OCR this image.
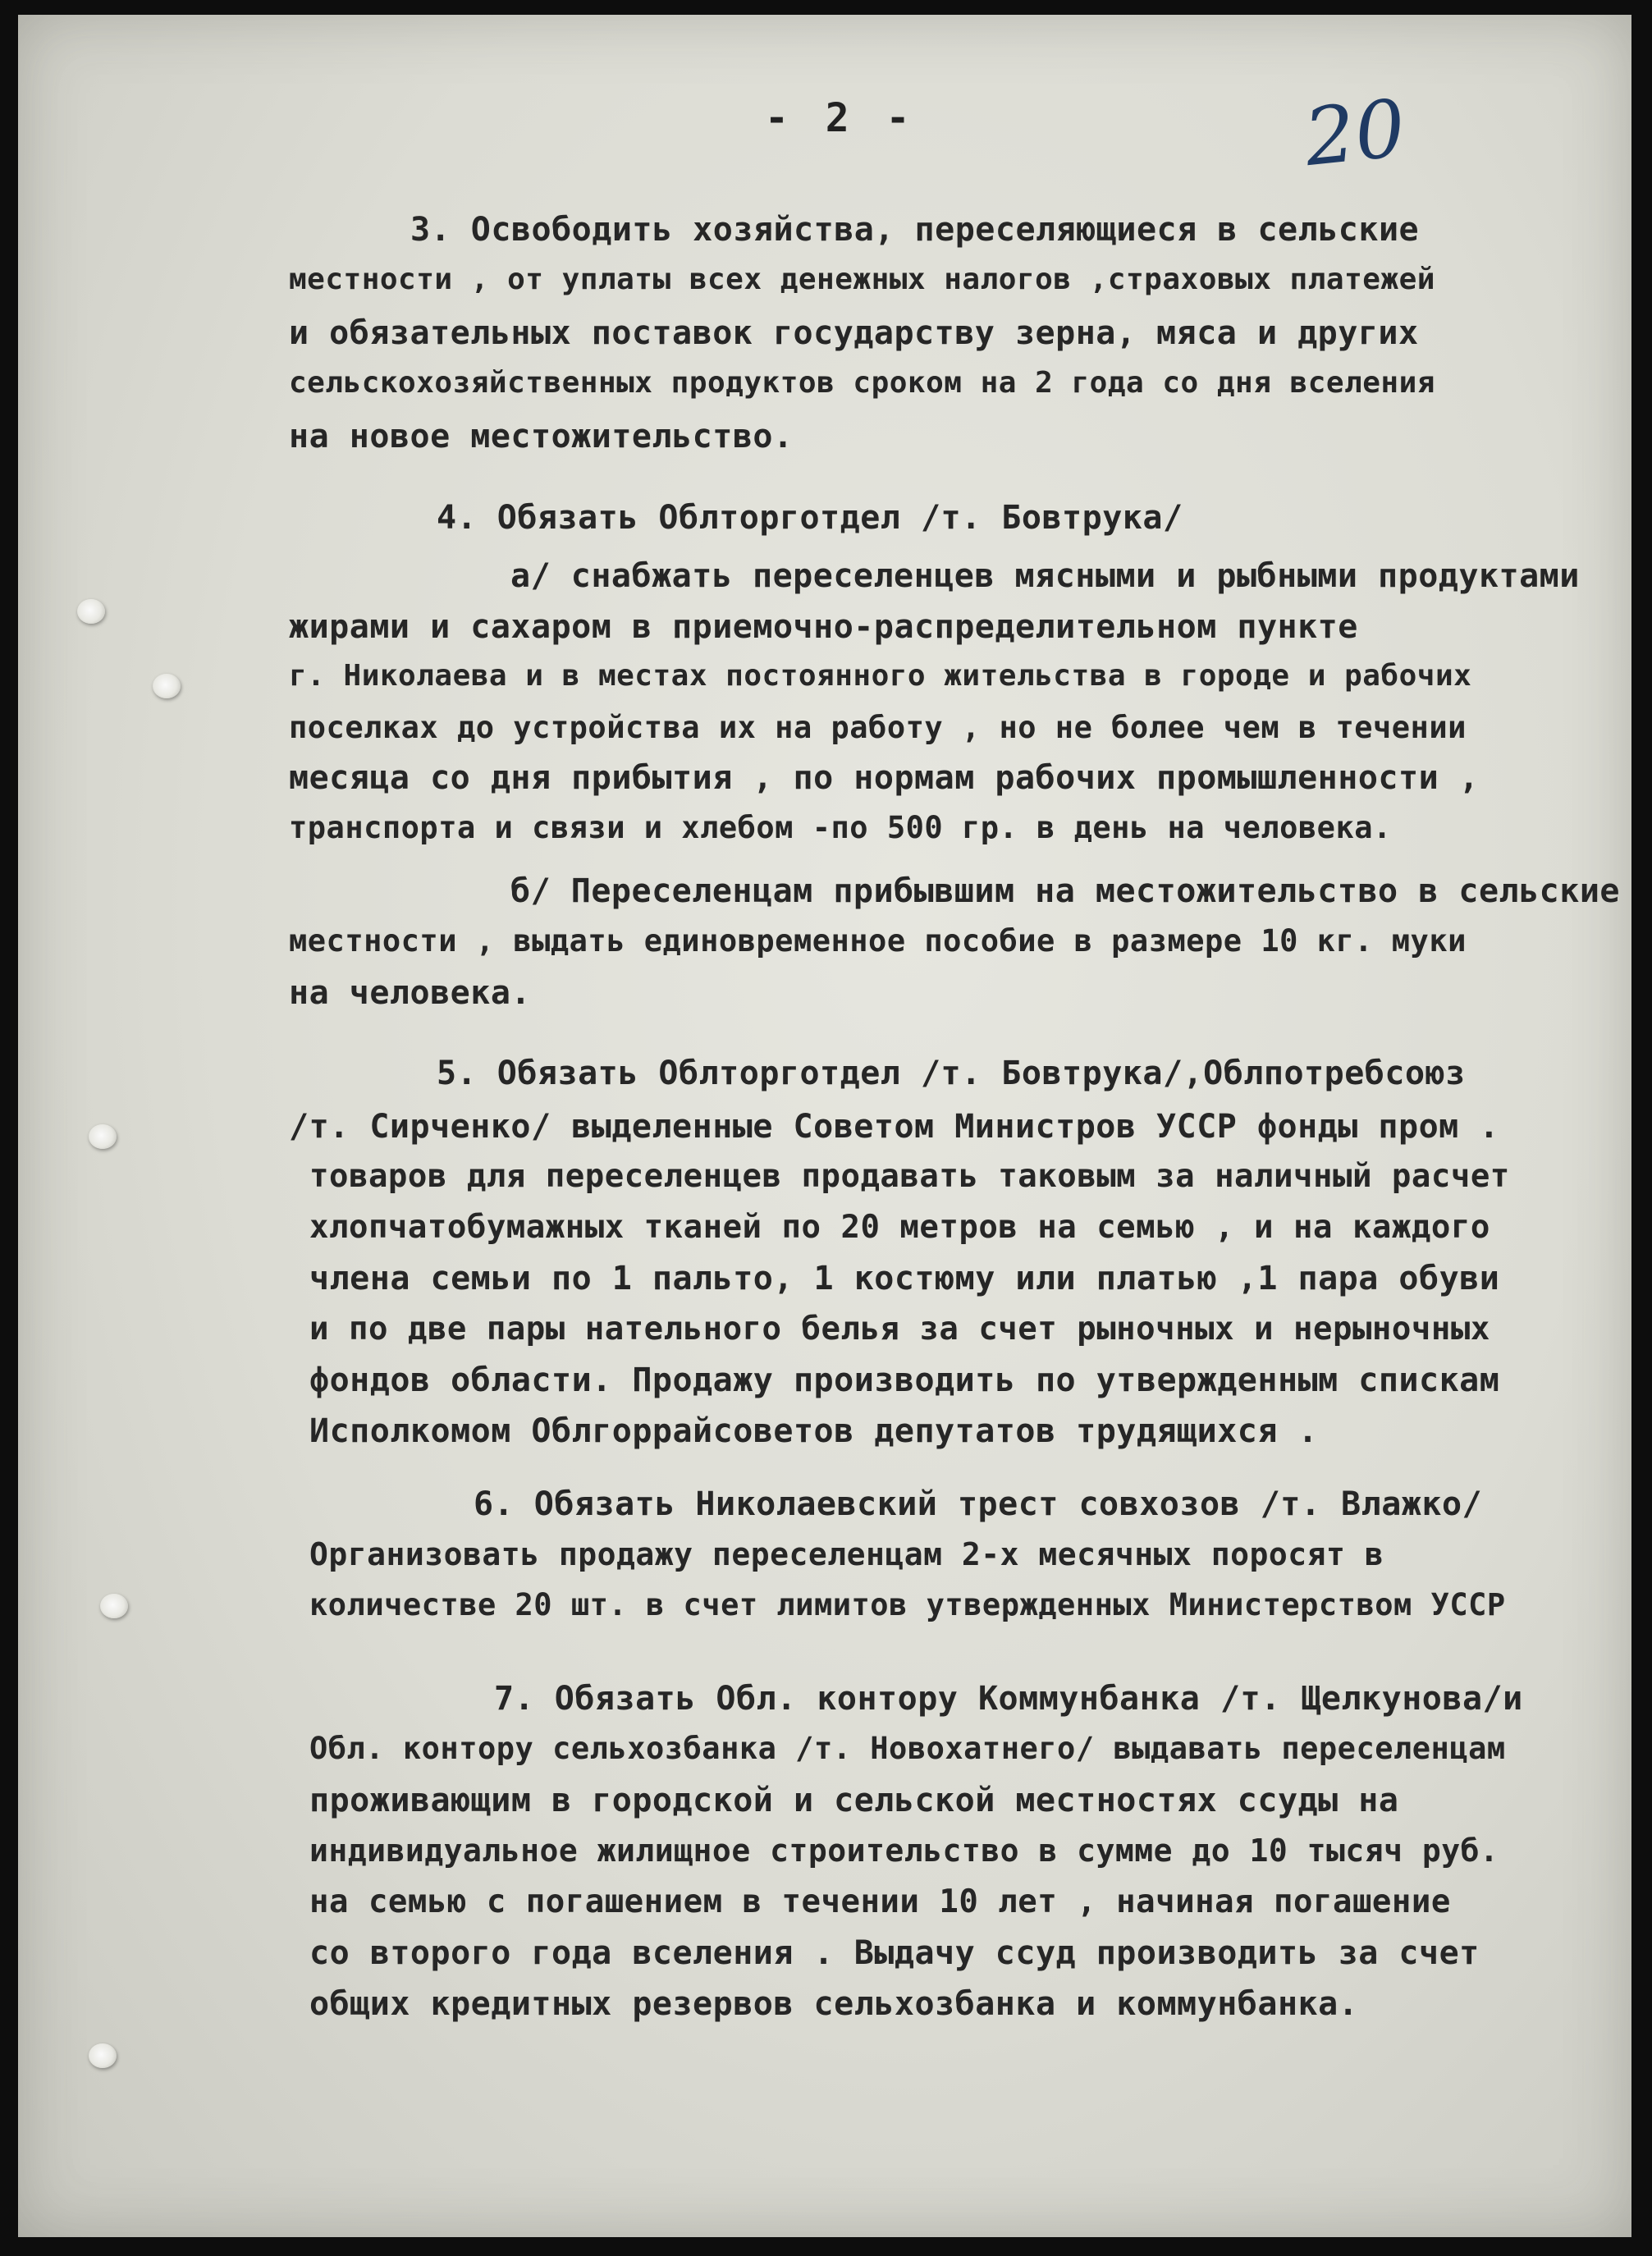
- 2 -	20

3. Освободить хозяйства, переселяющиеся в сельские

местности , от уплаты всех денежных налогов ,страховых платежей

и обязательных поставок государству зерна, мяса и других

сельскохозяйственных продуктов сроком на 2 года со дня вселения

на новое местожительство.

4. Обязать Облторготдел /т. Бовтрука/

а/ снабжать переселенцев мясными и рыбными продуктами

жирами и сахаром в приемочно-распределительном пункте

г. Николаева и в местах постоянного жительства в городе и рабочих

поселках до устройства их на работу , но не более чем в течении

месяца со дня прибытия , по нормам рабочих промышленности ,

транспорта и связи и хлебом -по 500 гр. в день на человека.

б/ Переселенцам прибывшим на местожительство в сельские

местности , выдать единовременное пособие в размере 10 кг. муки

на человека.

5. Обязать Облторготдел /т. Бовтрука/,Облпотребсоюз

/т. Сирченко/ выделенные Советом Министров УССР фонды пром .

товаров для переселенцев продавать таковым за наличный расчет

хлопчатобумажных тканей по 20 метров на семью , и на каждого

члена семьи по 1 пальто, 1 костюму или платью ,1 пара обуви

и по две пары нательного белья за счет рыночных и нерыночных

фондов области. Продажу производить по утвержденным спискам

Исполкомом Облгоррайсоветов депутатов трудящихся .

6. Обязать Николаевский трест совхозов /т. Влажко/

Организовать продажу переселенцам 2-х месячных поросят в

количестве 20 шт. в счет лимитов утвержденных Министерством УССР

7. Обязать Обл. контору Коммунбанка /т. Щелкунова/и

Обл. контору сельхозбанка /т. Новохатнего/ выдавать переселенцам

проживающим в городской и сельской местностях ссуды на

индивидуальное жилищное строительство в сумме до 10 тысяч руб.

на семью с погашением в течении 10 лет , начиная погашение

со второго года вселения . Выдачу ссуд производить за счет

общих кредитных резервов сельхозбанка и коммунбанка.
